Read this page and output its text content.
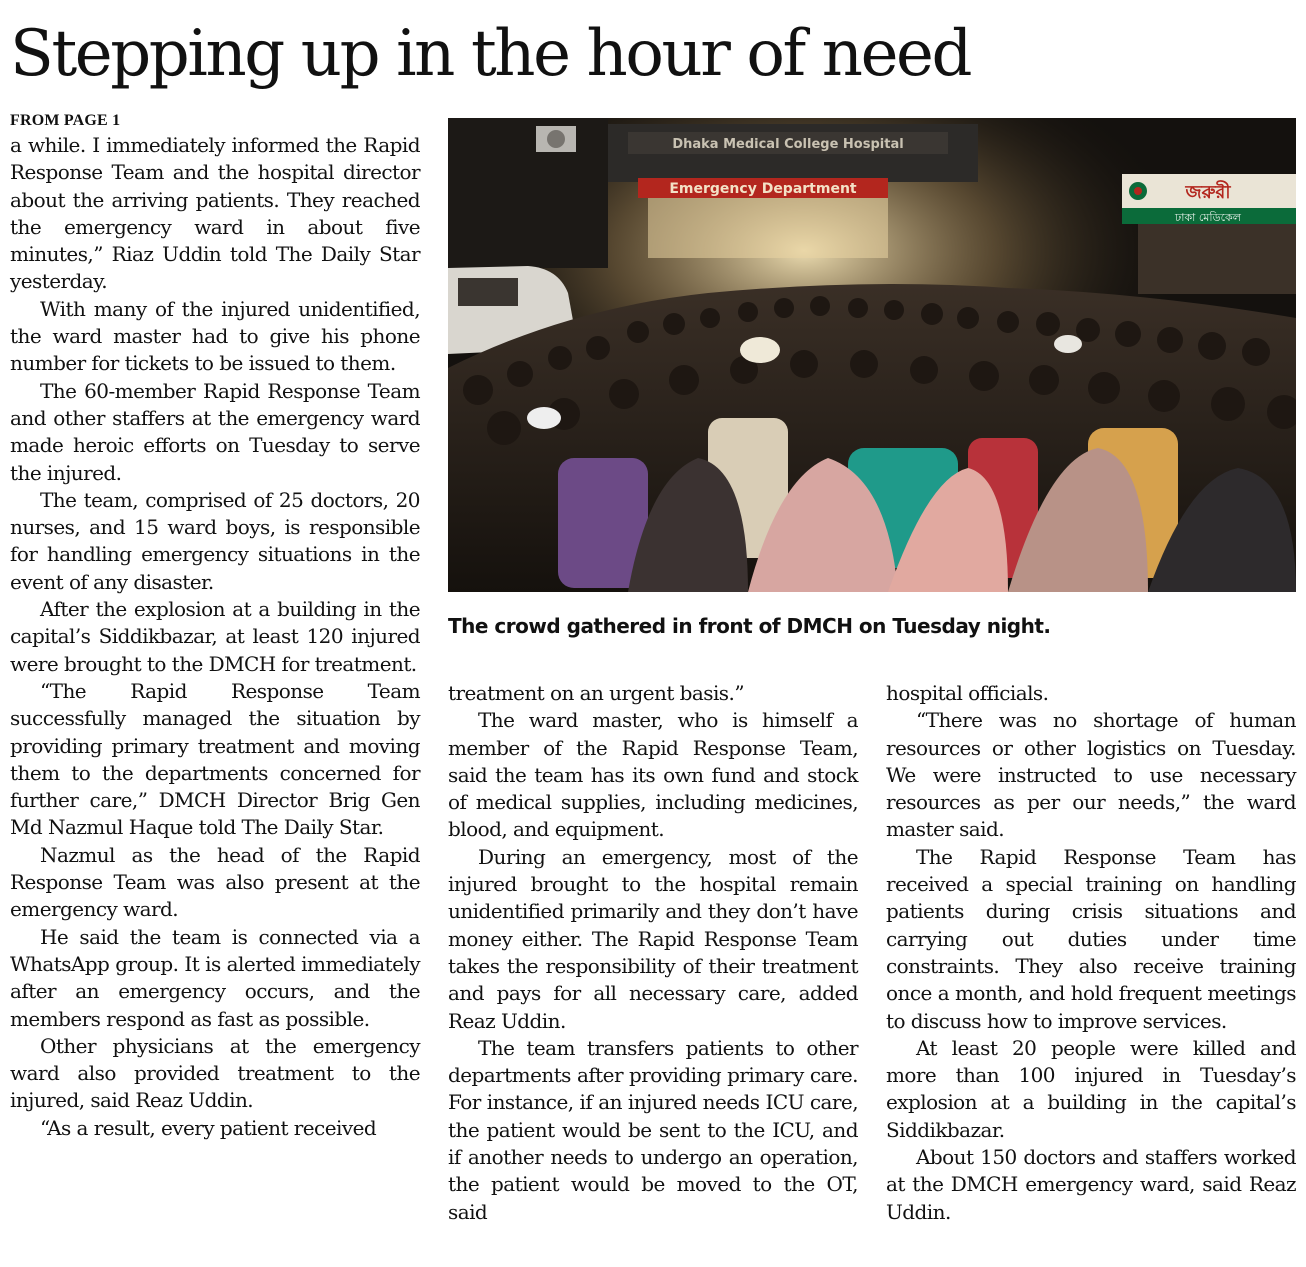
Stepping up in the hour of need
FROM PAGE 1

a while. I immediately informed the Rapid Response Team and the hospital director about the arriving patients. They reached the emergency ward in about five minutes,” Riaz Uddin told The Daily Star yesterday.

With many of the injured unidentified, the ward master had to give his phone number for tickets to be issued to them.

The 60-member Rapid Response Team and other staffers at the emergency ward made heroic efforts on Tuesday to serve the injured.

The team, comprised of 25 doctors, 20 nurses, and 15 ward boys, is responsible for handling emergency situations in the event of any disaster.

After the explosion at a building in the capital’s Siddikbazar, at least 120 injured were brought to the DMCH for treatment.

“The Rapid Response Team successfully managed the situation by providing primary treatment and moving them to the departments concerned for further care,” DMCH Director Brig Gen Md Nazmul Haque told The Daily Star.

Nazmul as the head of the Rapid Response Team was also present at the emergency ward.

He said the team is connected via a WhatsApp group. It is alerted immediately after an emergency occurs, and the members respond as fast as possible.

Other physicians at the emergency ward also provided treatment to the injured, said Reaz Uddin.

“As a result, every patient received

Dhaka Medical College Hospital
Emergency Department	জরুরী
ঢাকা মেডিকেল
The crowd gathered in front of DMCH on Tuesday night.

treatment on an urgent basis.”

The ward master, who is himself a member of the Rapid Response Team, said the team has its own fund and stock of medical supplies, including medicines, blood, and equipment.

During an emergency, most of the injured brought to the hospital remain unidentified primarily and they don’t have money either. The Rapid Response Team takes the responsibility of their treatment and pays for all necessary care, added Reaz Uddin.

The team transfers patients to other departments after providing primary care. For instance, if an injured needs ICU care, the patient would be sent to the ICU, and if another needs to undergo an operation, the patient would be moved to the OT, said

hospital officials.

“There was no shortage of human resources or other logistics on Tuesday. We were instructed to use necessary resources as per our needs,” the ward master said.

The Rapid Response Team has received a special training on handling patients during crisis situations and carrying out duties under time constraints. They also receive training once a month, and hold frequent meetings to discuss how to improve services.

At least 20 people were killed and more than 100 injured in Tuesday’s explosion at a building in the capital’s Siddikbazar.

About 150 doctors and staffers worked at the DMCH emergency ward, said Reaz Uddin.
